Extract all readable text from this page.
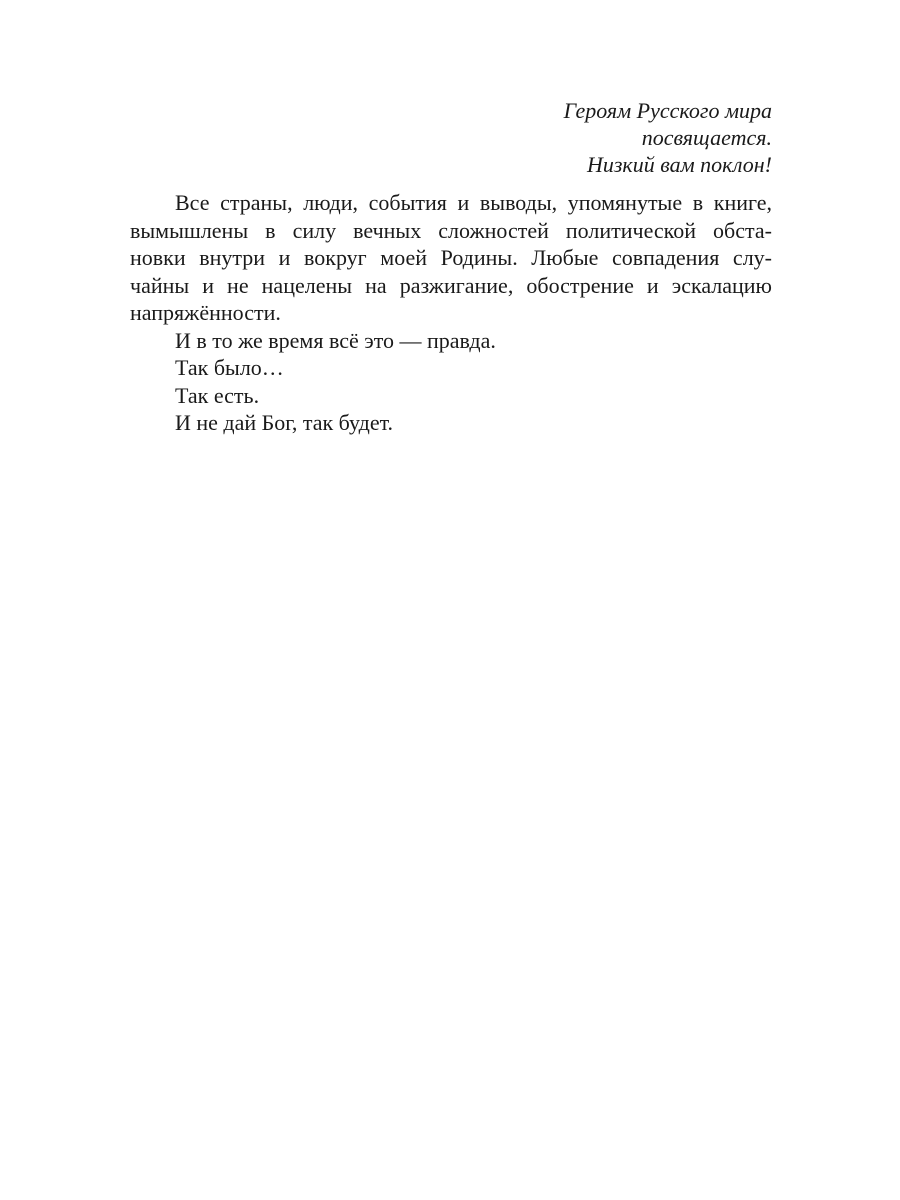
Героям Русского мира
посвящается.
Низкий вам поклон!
Все страны, люди, события и выводы, упомянутые в книге,
вымышлены в силу вечных сложностей политической обста-
новки внутри и вокруг моей Родины. Любые совпадения слу-
чайны и не нацелены на разжигание, обострение и эскалацию
напряжённости.

И в то же время всё это — правда.

Так было…

Так есть.

И не дай Бог, так будет.
